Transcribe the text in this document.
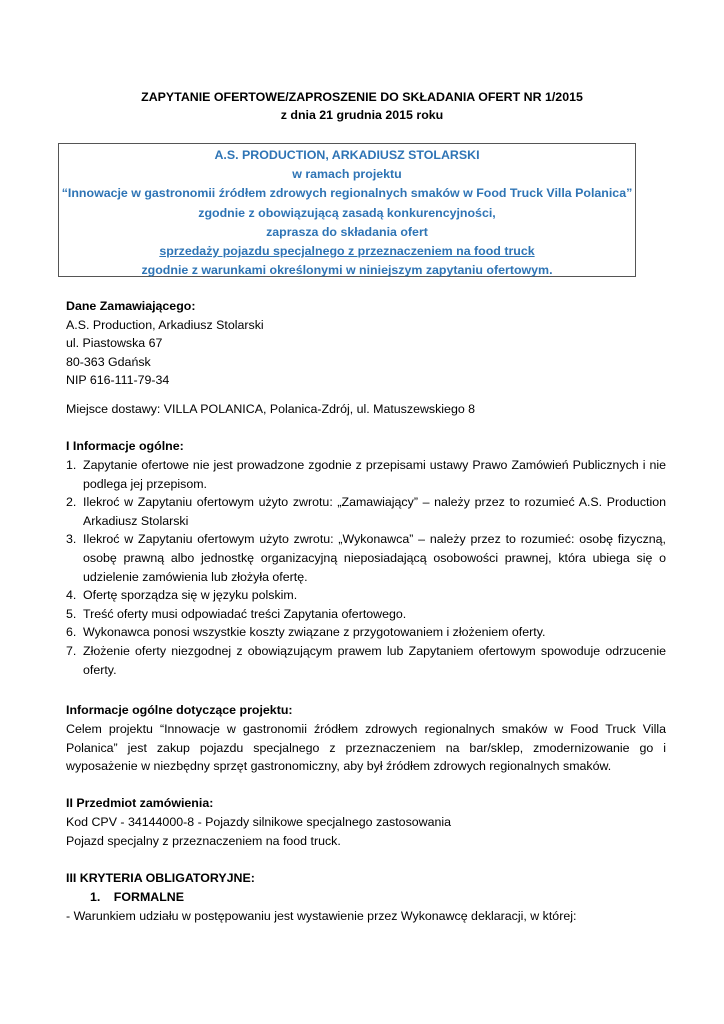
ZAPYTANIE OFERTOWE/ZAPROSZENIE DO SKŁADANIA OFERT NR 1/2015
z dnia 21 grudnia 2015 roku
A.S. PRODUCTION, ARKADIUSZ STOLARSKI
w ramach projektu
“Innowacje w gastronomii źródłem zdrowych regionalnych smaków w Food Truck Villa Polanica”
zgodnie z obowiązującą zasadą konkurencyjności,
zaprasza do składania ofert
sprzedaży pojazdu specjalnego z przeznaczeniem na food truck
zgodnie z warunkami określonymi w niniejszym zapytaniu ofertowym.

Dane Zamawiającego:

A.S. Production, Arkadiusz Stolarski

ul. Piastowska 67

80-363 Gdańsk

NIP 616-111-79-34

Miejsce dostawy: VILLA POLANICA, Polanica-Zdrój, ul. Matuszewskiego 8
I Informacje ogólne:
1. Zapytanie ofertowe nie jest prowadzone zgodnie z przepisami ustawy Prawo Zamówień Publicznych i nie podlega jej przepisom.
2. Ilekroć w Zapytaniu ofertowym użyto zwrotu: „Zamawiający” – należy przez to rozumieć A.S. Production Arkadiusz Stolarski
3. Ilekroć w Zapytaniu ofertowym użyto zwrotu: „Wykonawca” – należy przez to rozumieć: osobę fizyczną, osobę prawną albo jednostkę organizacyjną nieposiadającą osobowości prawnej, która ubiega się o udzielenie zamówienia lub złożyła ofertę.
4. Ofertę sporządza się w języku polskim.
5. Treść oferty musi odpowiadać treści Zapytania ofertowego.
6. Wykonawca ponosi wszystkie koszty związane z przygotowaniem i złożeniem oferty.
7. Złożenie oferty niezgodnej z obowiązującym prawem lub Zapytaniem ofertowym spowoduje odrzucenie oferty.
Informacje ogólne dotyczące projektu:
Celem projektu “Innowacje w gastronomii źródłem zdrowych regionalnych smaków w Food Truck Villa Polanica” jest zakup pojazdu specjalnego z przeznaczeniem na bar/sklep, zmodernizowanie go i wyposażenie w niezbędny sprzęt gastronomiczny, aby był źródłem zdrowych regionalnych smaków.
II Przedmiot zamówienia:
Kod CPV - 34144000-8 - Pojazdy silnikowe specjalnego zastosowania
Pojazd specjalny z przeznaczeniem na food truck.
III KRYTERIA OBLIGATORYJNE:
1. FORMALNE
- Warunkiem udziału w postępowaniu jest wystawienie przez Wykonawcę deklaracji, w której:
